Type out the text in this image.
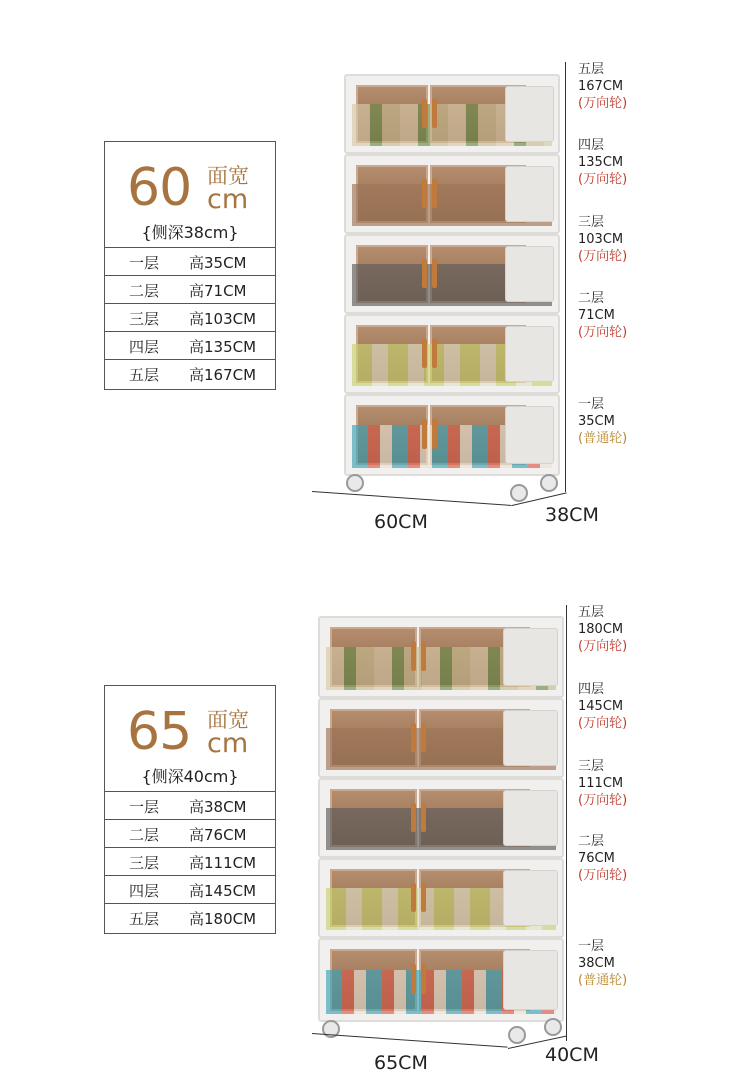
60 面宽
cm
{侧深38cm}
一层 高35CM
二层 高71CM
三层 高103CM
四层 高135CM
五层 高167CM
60CM	38CM
五层
167CM
(万向轮)
四层
135CM
(万向轮)
三层
103CM
(万向轮)
二层
71CM
(万向轮)
一层
35CM
(普通轮)
65 面宽
cm
{侧深40cm}
一层 高38CM
二层 高76CM
三层 高111CM
四层 高145CM
五层 高180CM
65CM	40CM
五层
180CM
(万向轮)
四层
145CM
(万向轮)
三层
111CM
(万向轮)
二层
76CM
(万向轮)
一层
38CM
(普通轮)
